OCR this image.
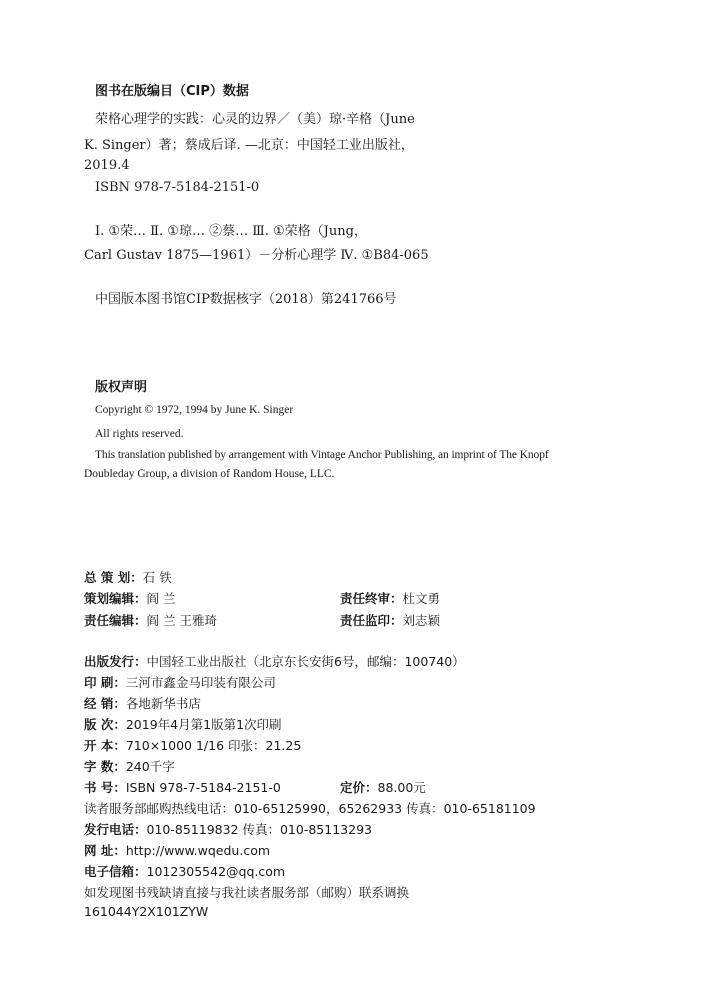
图书在版编目（CIP）数据
荣格心理学的实践：心灵的边界／（美）琼·辛格（June
K. Singer）著；蔡成后译. —北京：中国轻工业出版社，
2019.4
ISBN 978-7-5184-2151-0
Ⅰ. ①荣… Ⅱ. ①琼… ②蔡… Ⅲ. ①荣格（Jung，
Carl Gustav 1875—1961）－分析心理学 Ⅳ. ①B84-065
中国版本图书馆CIP数据核字（2018）第241766号
版权声明
Copyright © 1972, 1994 by June K. Singer
All rights reserved.
This translation published by arrangement with Vintage Anchor Publishing, an imprint of The Knopf
Doubleday Group, a division of Random House, LLC.
总 策 划：石 铁
策划编辑：阎 兰	责任终审：杜文勇
责任编辑：阎 兰 王雅琦	责任监印：刘志颖
出版发行：中国轻工业出版社（北京东长安街6号，邮编：100740）
印 刷：三河市鑫金马印装有限公司
经 销：各地新华书店
版 次：2019年4月第1版第1次印刷
开 本：710×1000 1/16 印张：21.25
字 数：240千字
书 号：ISBN 978-7-5184-2151-0	定价：88.00元
读者服务部邮购热线电话：010-65125990，65262933 传真：010-65181109
发行电话：010-85119832 传真：010-85113293
网 址：http://www.wqedu.com
电子信箱：1012305542@qq.com
如发现图书残缺请直接与我社读者服务部（邮购）联系调换
161044Y2X101ZYW
